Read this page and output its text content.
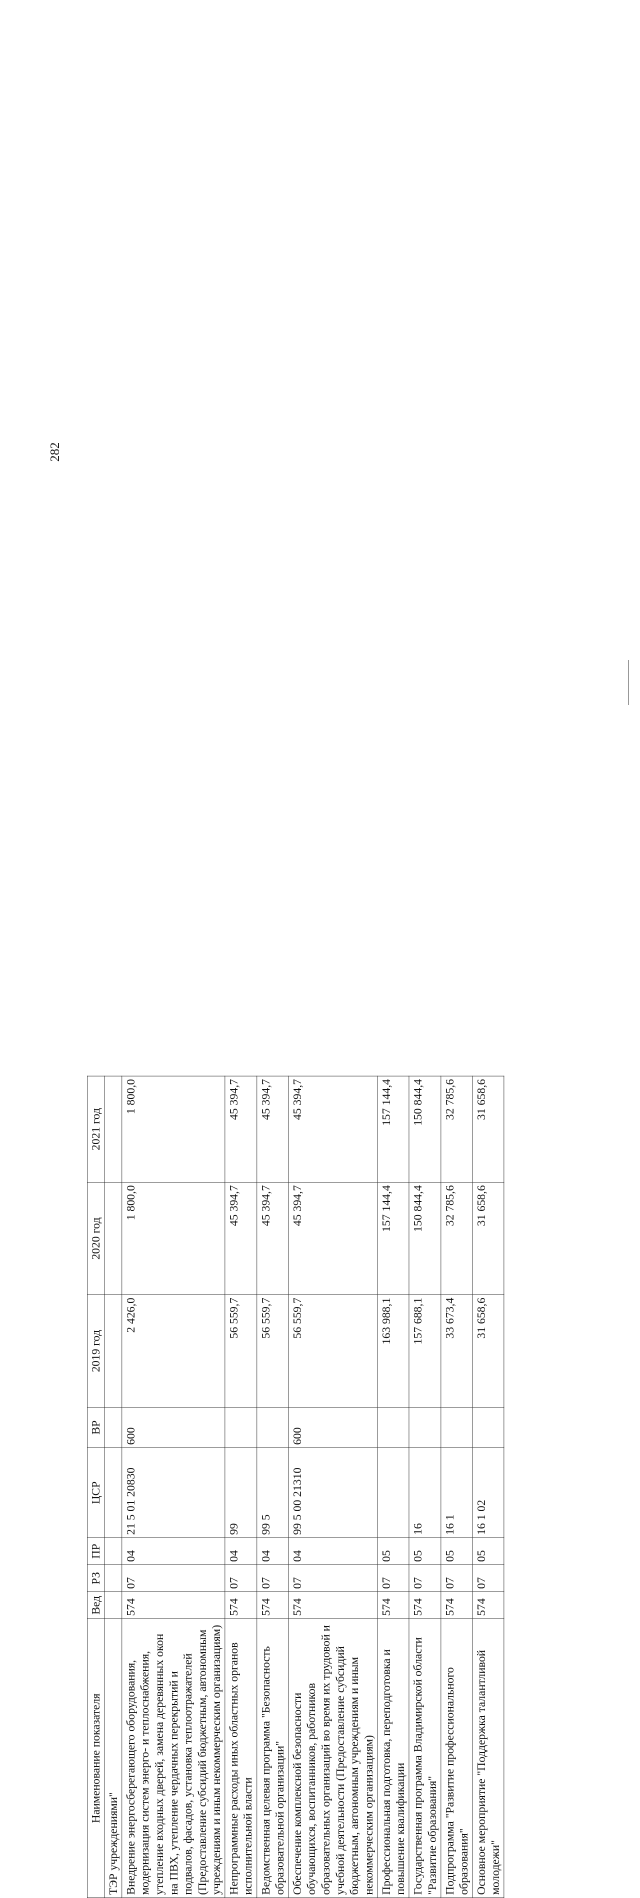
282
Наименование показателя	Вед	РЗ	ПР	ЦСР	ВР	2019 год	2020 год	2021 год
ТЭР учреждениями"								
Внедрение энергосберегающего оборудования, модернизация систем энерго- и теплоснабжения, утепление входных дверей, замена деревянных окон на ПВХ, утепление чердачных перекрытий и подвалов, фасадов, установка теплоотражателей (Предоставление субсидий бюджетным, автономным учреждениям и иным некоммерческим организациям)	574	07	04	21 5 01 20830	600	2 426,0	1 800,0	1 800,0
Непрограммные расходы иных областных органов исполнительной власти	574	07	04	99		56 559,7	45 394,7	45 394,7
Ведомственная целевая программа "Безопасность образовательной организации"	574	07	04	99 5		56 559,7	45 394,7	45 394,7
Обеспечение комплексной безопасности обучающихся, воспитанников, работников образовательных организаций во время их трудовой и учебной деятельности (Предоставление субсидий бюджетным, автономным учреждениям и иным некоммерческим организациям)	574	07	04	99 5 00 21310	600	56 559,7	45 394,7	45 394,7
Профессиональная подготовка, переподготовка и повышение квалификации	574	07	05			163 988,1	157 144,4	157 144,4
Государственная программа Владимирской области "Развитие образования"	574	07	05	16		157 688,1	150 844,4	150 844,4
Подпрограмма "Развитие профессионального образования"	574	07	05	16 1		33 673,4	32 785,6	32 785,6
Основное мероприятие "Поддержка талантливой молодежи"	574	07	05	16 1 02		31 658,6	31 658,6	31 658,6
